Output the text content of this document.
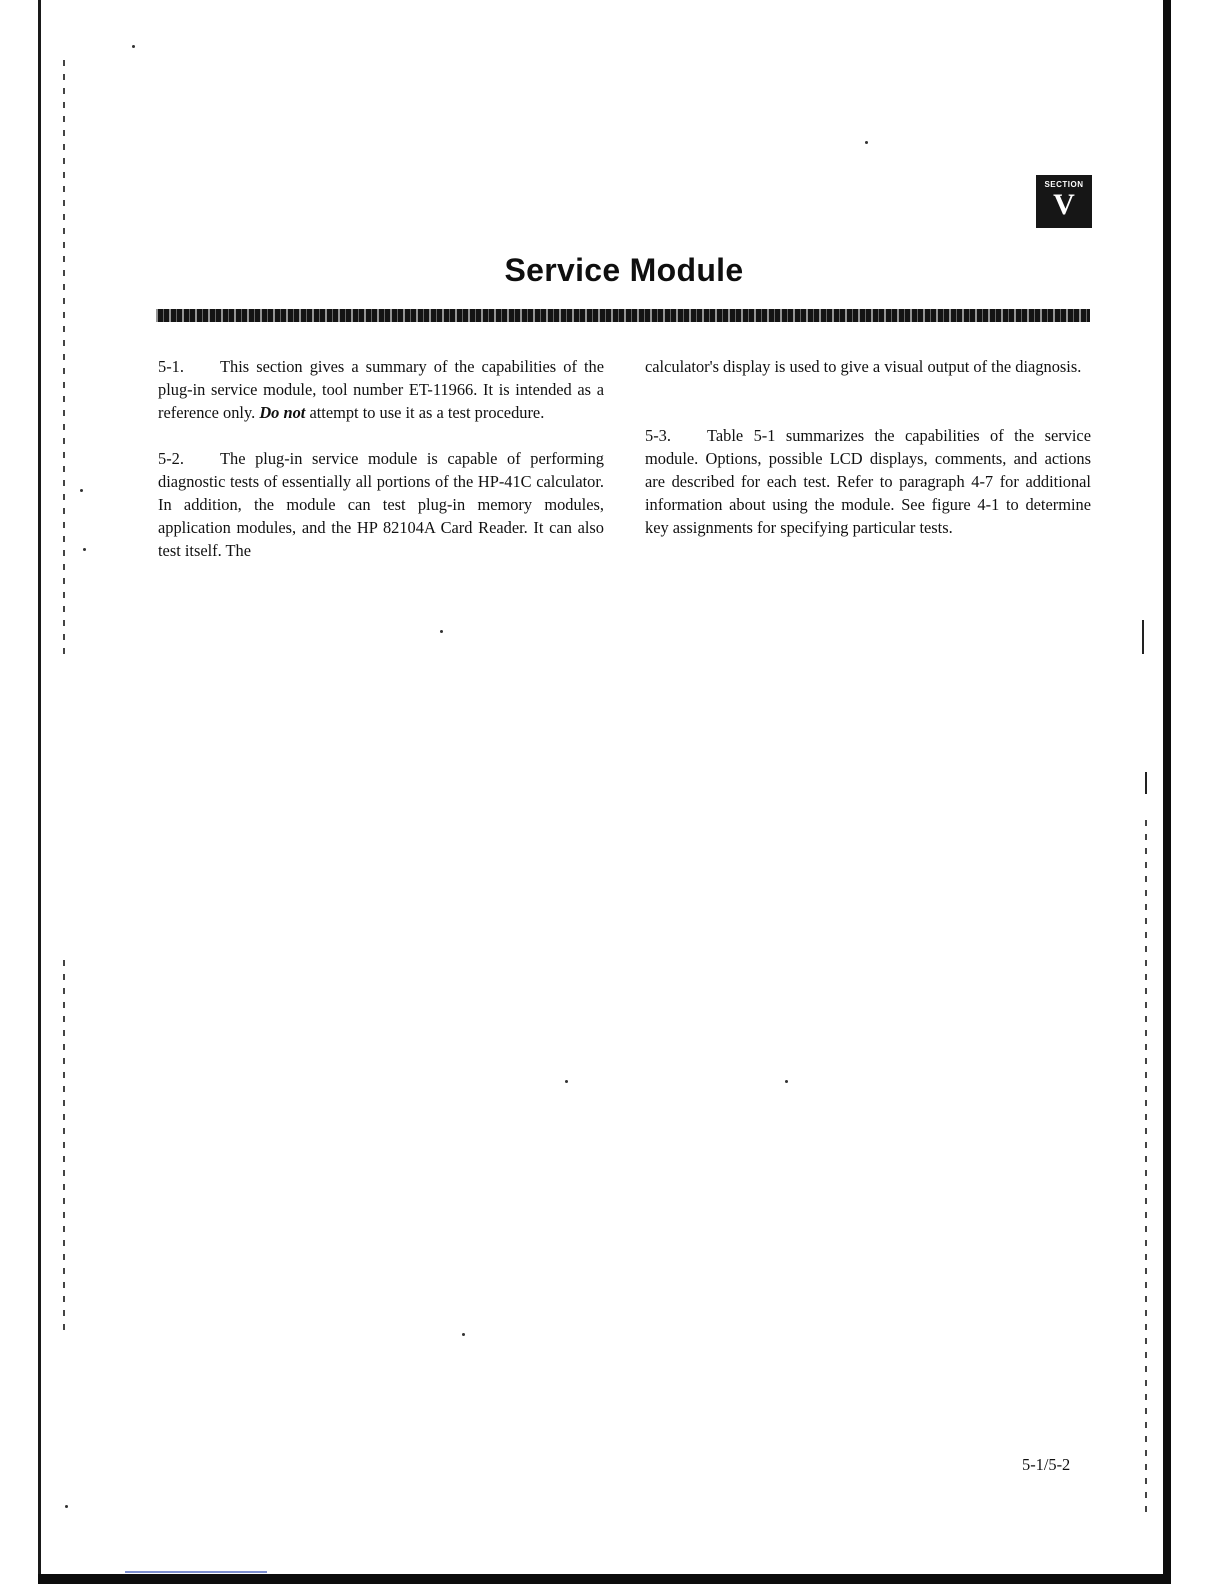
SECTION
V
Service Module

5-1. This section gives a summary of the capabilities of the plug-in service module, tool number ET-11966. It is intended as a reference only. Do not attempt to use it as a test procedure.

5-2. The plug-in service module is capable of performing diagnostic tests of essentially all portions of the HP-41C calculator. In addition, the module can test plug-in memory modules, application modules, and the HP 82104A Card Reader. It can also test itself. The

calculator's display is used to give a visual output of the diagnosis.

5-3. Table 5-1 summarizes the capabilities of the service module. Options, possible LCD displays, comments, and actions are described for each test. Refer to paragraph 4-7 for additional information about using the module. See figure 4-1 to determine key assignments for specifying particular tests.

5-1/5-2
